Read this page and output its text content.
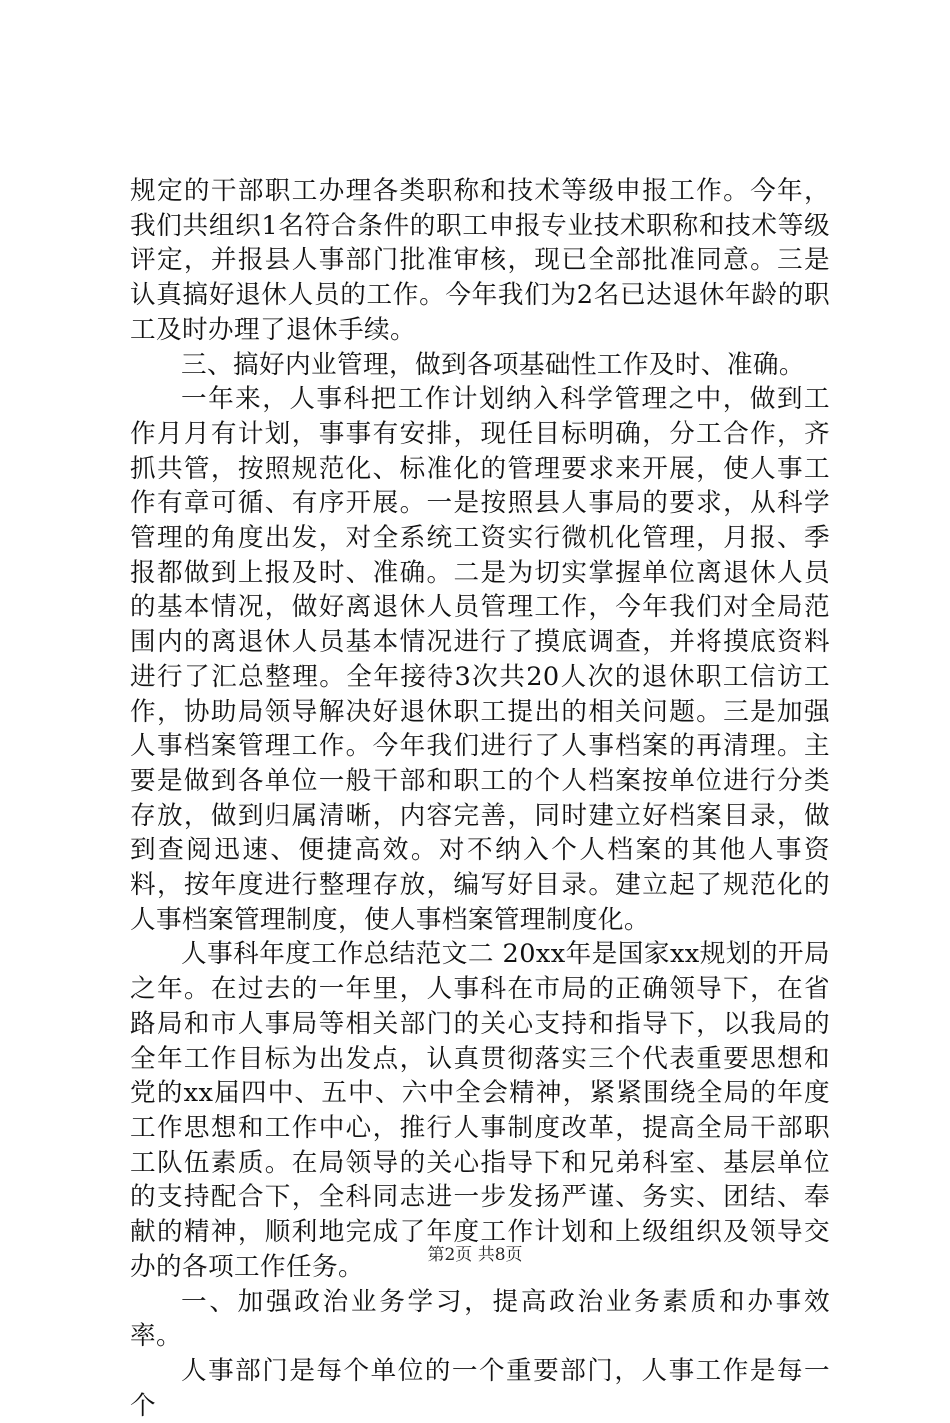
规定的干部职工办理各类职称和技术等级申报工作。今年，我们共组织1名符合条件的职工申报专业技术职称和技术等级评定，并报县人事部门批准审核，现已全部批准同意。三是认真搞好退休人员的工作。今年我们为2名已达退休年龄的职工及时办理了退休手续。

三、搞好内业管理，做到各项基础性工作及时、准确。

一年来，人事科把工作计划纳入科学管理之中，做到工作月月有计划，事事有安排，现任目标明确，分工合作，齐抓共管，按照规范化、标准化的管理要求来开展，使人事工作有章可循、有序开展。一是按照县人事局的要求，从科学管理的角度出发，对全系统工资实行微机化管理，月报、季报都做到上报及时、准确。二是为切实掌握单位离退休人员的基本情况，做好离退休人员管理工作，今年我们对全局范围内的离退休人员基本情况进行了摸底调查，并将摸底资料进行了汇总整理。全年接待3次共20人次的退休职工信访工作，协助局领导解决好退休职工提出的相关问题。三是加强人事档案管理工作。今年我们进行了人事档案的再清理。主要是做到各单位一般干部和职工的个人档案按单位进行分类存放，做到归属清晰，内容完善，同时建立好档案目录，做到查阅迅速、便捷高效。对不纳入个人档案的其他人事资料，按年度进行整理存放，编写好目录。建立起了规范化的人事档案管理制度，使人事档案管理制度化。

人事科年度工作总结范文二 20xx年是国家xx规划的开局之年。在过去的一年里，人事科在市局的正确领导下，在省路局和市人事局等相关部门的关心支持和指导下，以我局的全年工作目标为出发点，认真贯彻落实三个代表重要思想和党的xx届四中、五中、六中全会精神，紧紧围绕全局的年度工作思想和工作中心，推行人事制度改革，提高全局干部职工队伍素质。在局领导的关心指导下和兄弟科室、基层单位的支持配合下，全科同志进一步发扬严谨、务实、团结、奉献的精神，顺利地完成了年度工作计划和上级组织及领导交办的各项工作任务。

一、加强政治业务学习，提高政治业务素质和办事效率。

人事部门是每个单位的一个重要部门，人事工作是每一个

第2页 共8页
